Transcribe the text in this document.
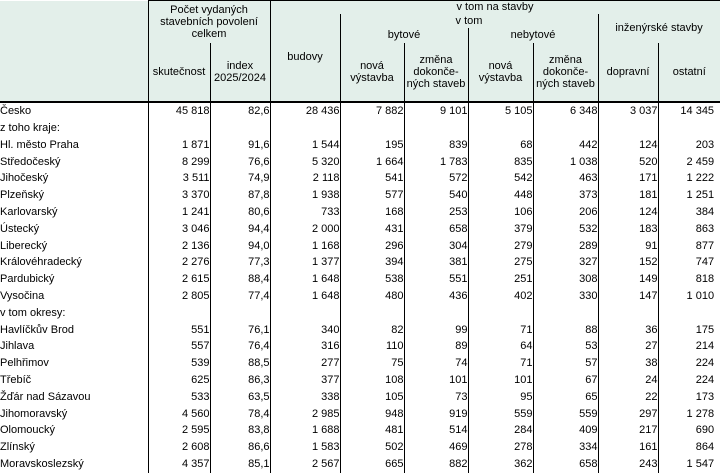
	Počet vydaných stavebních povolení celkem		v tom na stavby						
			budovy	v tom				inženýrské stavby	
				bytové		nebytové			
	skutečnost	index 2025/2024		nová výstavba	změna dokonče-ných staveb	nová výstavba	změna dokonče-ných staveb	dopravní	ostatní
Česko	45 818	82,6	28 436	7 882	9 101	5 105	6 348	3 037	14 345
z toho kraje:									
Hl. město Praha	1 871	91,6	1 544	195	839	68	442	124	203
Středočeský	8 299	76,6	5 320	1 664	1 783	835	1 038	520	2 459
Jihočeský	3 511	74,9	2 118	541	572	542	463	171	1 222
Plzeňský	3 370	87,8	1 938	577	540	448	373	181	1 251
Karlovarský	1 241	80,6	733	168	253	106	206	124	384
Ústecký	3 046	94,4	2 000	431	658	379	532	183	863
Liberecký	2 136	94,0	1 168	296	304	279	289	91	877
Královéhradecký	2 276	77,3	1 377	394	381	275	327	152	747
Pardubický	2 615	88,4	1 648	538	551	251	308	149	818
Vysočina	2 805	77,4	1 648	480	436	402	330	147	1 010
v tom okresy:									
Havlíčkův Brod	551	76,1	340	82	99	71	88	36	175
Jihlava	557	76,4	316	110	89	64	53	27	214
Pelhřimov	539	88,5	277	75	74	71	57	38	224
Třebíč	625	86,3	377	108	101	101	67	24	224
Žďár nad Sázavou	533	63,5	338	105	73	95	65	22	173
Jihomoravský	4 560	78,4	2 985	948	919	559	559	297	1 278
Olomoucký	2 595	83,8	1 688	481	514	284	409	217	690
Zlínský	2 608	86,6	1 583	502	469	278	334	161	864
Moravskoslezský	4 357	85,1	2 567	665	882	362	658	243	1 547
